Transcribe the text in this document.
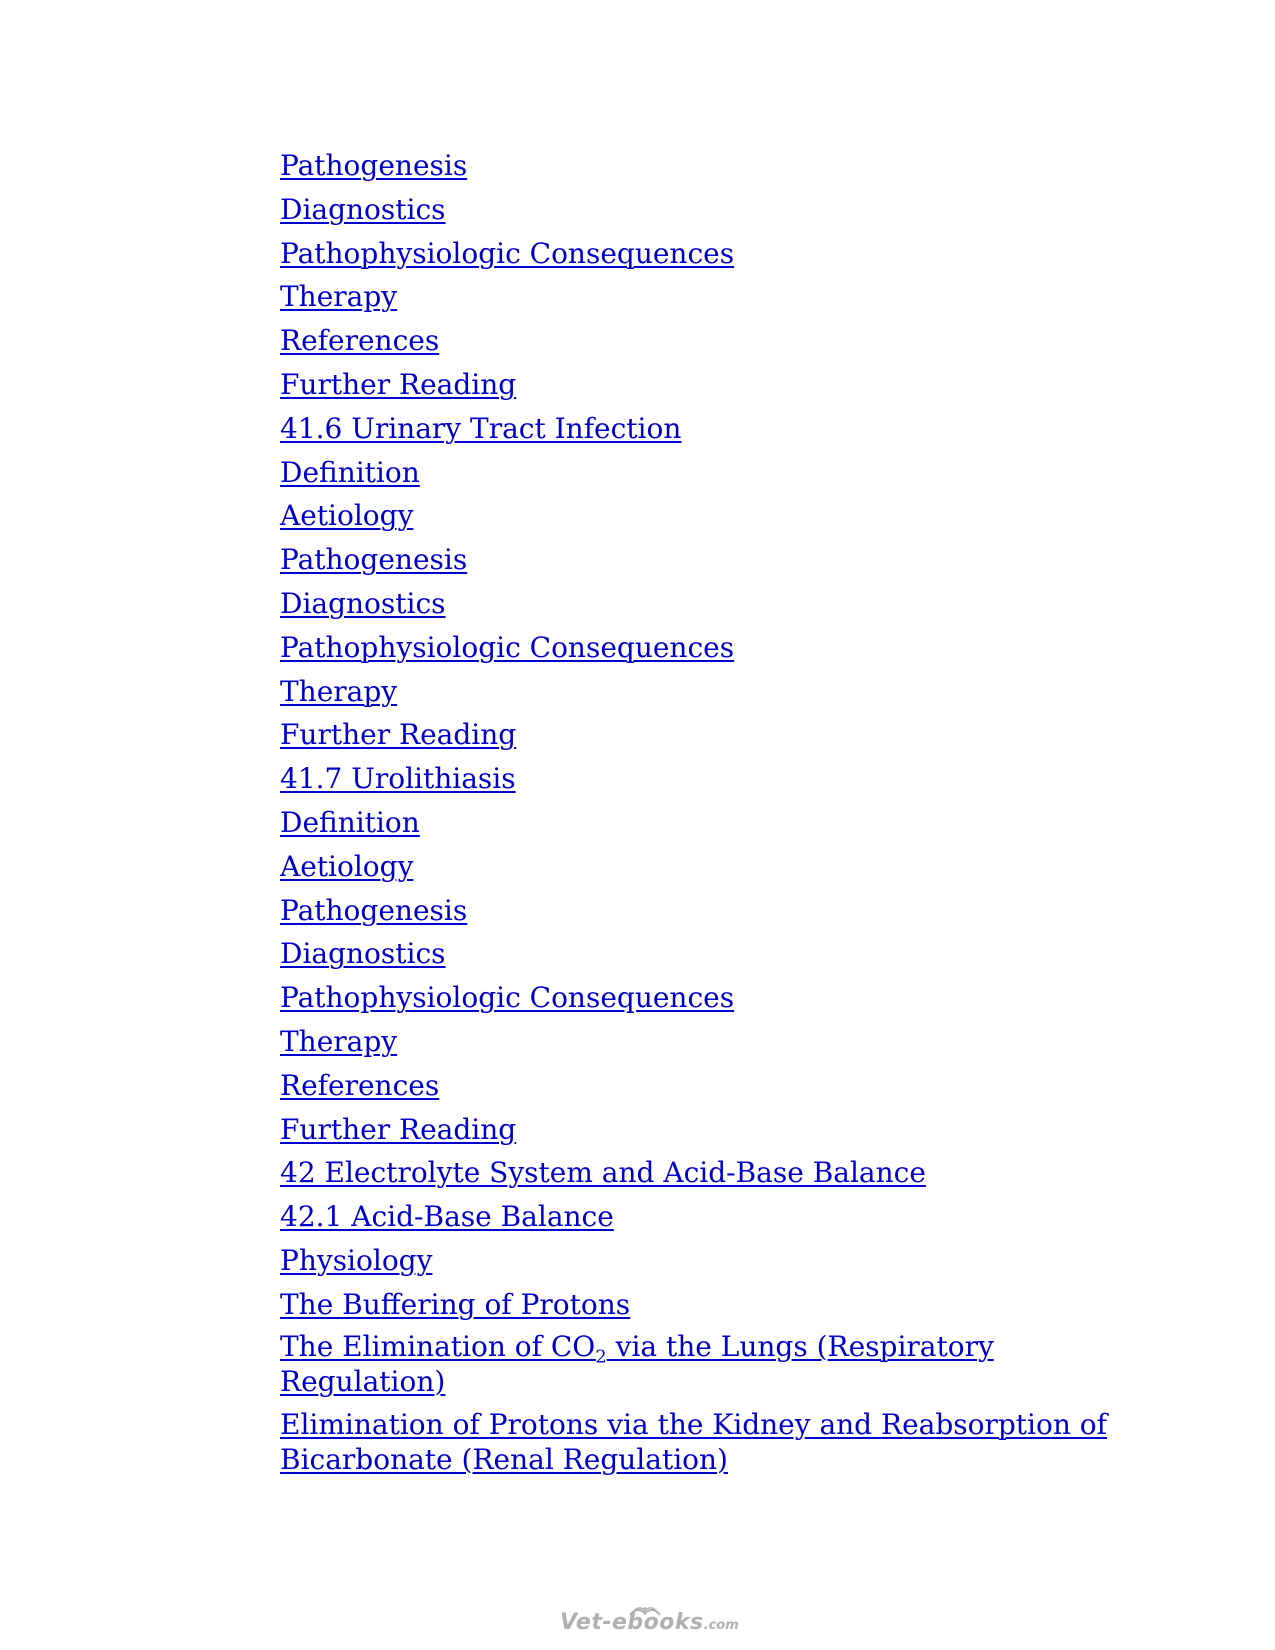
Pathogenesis
Diagnostics
Pathophysiologic Consequences
Therapy
References
Further Reading
41.6 Urinary Tract Infection
Definition
Aetiology
Pathogenesis
Diagnostics
Pathophysiologic Consequences
Therapy
Further Reading
41.7 Urolithiasis
Definition
Aetiology
Pathogenesis
Diagnostics
Pathophysiologic Consequences
Therapy
References
Further Reading
42 Electrolyte System and Acid-Base Balance
42.1 Acid-Base Balance
Physiology
The Buffering of Protons
The Elimination of $CO_2$ via the Lungs (Respiratory Regulation)
Elimination of Protons via the Kidney and Reabsorption of Bicarbonate (Renal Regulation)
Vet-ebooks .com
